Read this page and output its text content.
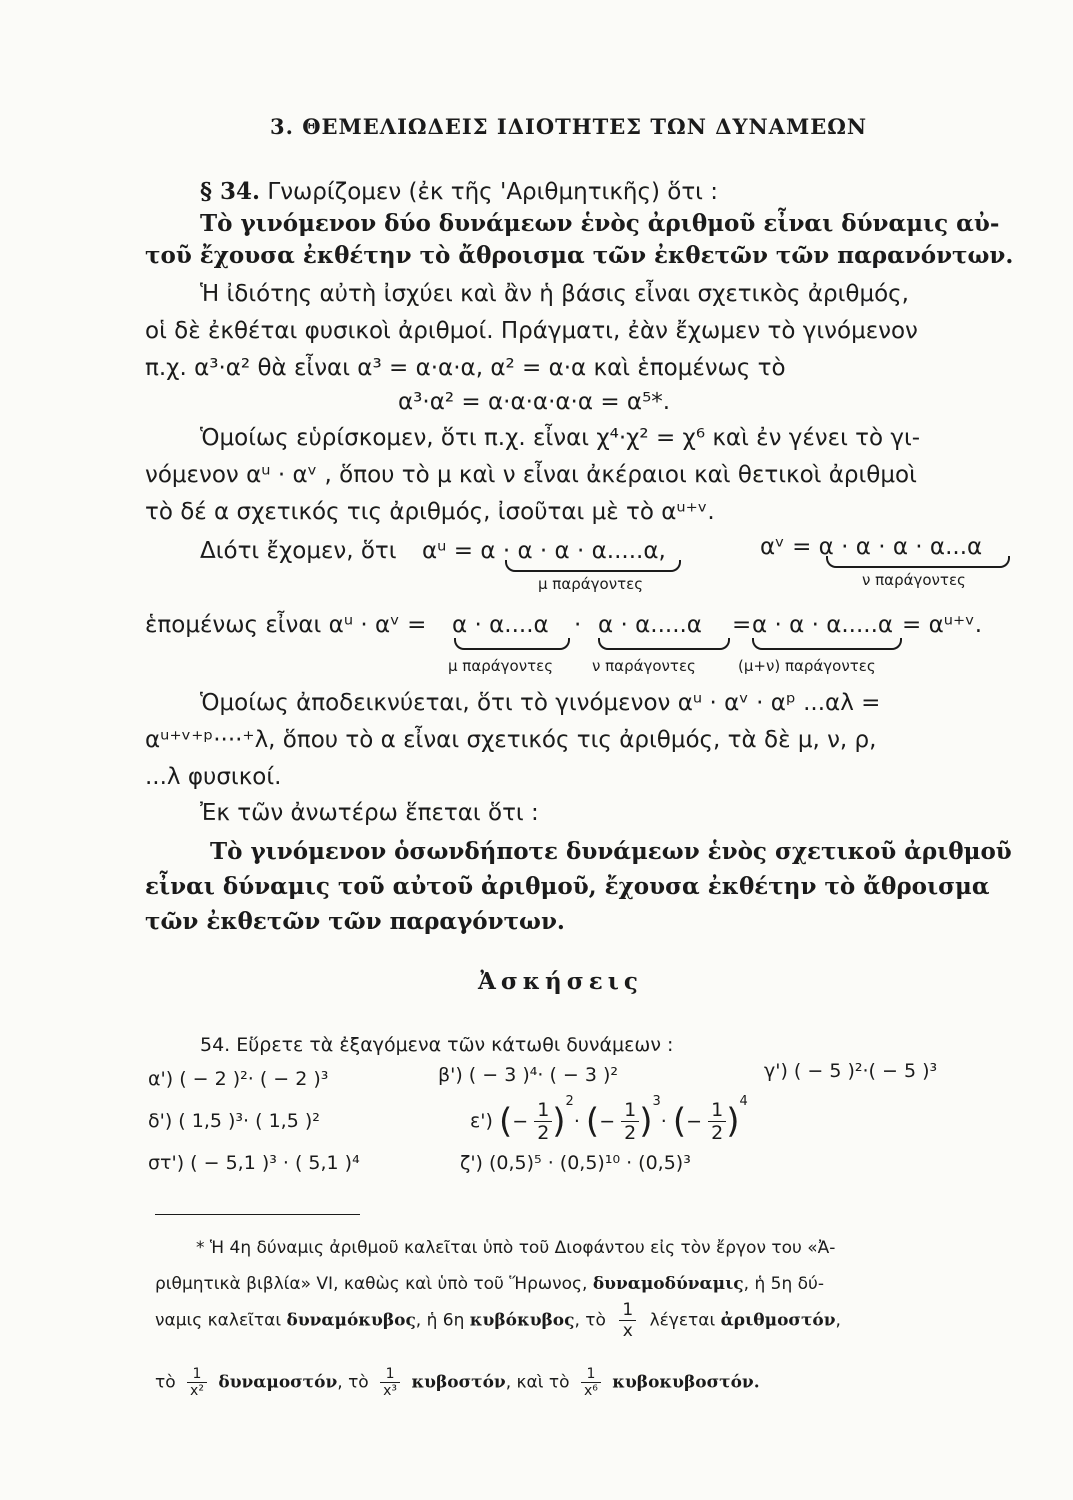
3. ΘΕΜΕΛΙΩΔΕΙΣ ΙΔΙΟΤΗΤΕΣ ΤΩΝ ΔΥΝΑΜΕΩΝ
§ 34. Γνωρίζομεν (ἐκ τῆς 'Αριθμητικῆς) ὅτι :
Τὸ γινόμενον δύο δυνάμεων ἑνὸς ἀριθμοῦ εἶναι δύναμις αὐ-
τοῦ ἔχουσα ἐκθέτην τὸ ἄθροισμα τῶν ἐκθετῶν τῶν παρανόντων.
Ἡ ἰδιότης αὐτὴ ἰσχύει καὶ ἂν ἡ βάσις εἶναι σχετικὸς ἀριθμός,
οἱ δὲ ἐκθέται φυσικοὶ ἀριθμοί. Πράγματι, ἐὰν ἔχωμεν τὸ γινόμενον
π.χ. α³·α² θὰ εἶναι α³ = α·α·α, α² = α·α καὶ ἑπομένως τὸ
α³·α² = α·α·α·α·α = α⁵*.
Ὁμοίως εὑρίσκομεν, ὅτι π.χ. εἶναι χ⁴·χ² = χ⁶ καὶ ἐν γένει τὸ γι-
νόμενον αᵘ · αᵛ , ὅπου τὸ μ καὶ ν εἶναι ἀκέραιοι καὶ θετικοὶ ἀριθμοὶ
τὸ δέ α σχετικός τις ἀριθμός, ἰσοῦται μὲ τὸ αᵘ⁺ᵛ.
Διότι ἔχομεν, ὅτι αᵘ = α · α · α · α.....α,	αᵛ = α · α · α · α...α
μ παράγοντες	ν παράγοντες
ἑπομένως εἶναι αᵘ · αᵛ = α · α....α · α · α.....α = α · α · α.....α = αᵘ⁺ᵛ.
μ παράγοντες	ν παράγοντες	(μ+ν) παράγοντες
Ὁμοίως ἀποδεικνύεται, ὅτι τὸ γινόμενον αᵘ · αᵛ · αᵖ ...αλ =
αᵘ⁺ᵛ⁺ᵖ····⁺λ, ὅπου τὸ α εἶναι σχετικός τις ἀριθμός, τὰ δὲ μ, ν, ρ,
...λ φυσικοί.
Ἐκ τῶν ἀνωτέρω ἕπεται ὅτι :
Τὸ γινόμενον ὁσωνδήποτε δυνάμεων ἑνὸς σχετικοῦ ἀριθμοῦ
εἶναι δύναμις τοῦ αὐτοῦ ἀριθμοῦ, ἔχουσα ἐκθέτην τὸ ἄθροισμα
τῶν ἐκθετῶν τῶν παραγόντων.
Ἀσκήσεις
54. Εὕρετε τὰ ἐξαγόμενα τῶν κάτωθι δυνάμεων :
α') ( − 2 )²· ( − 2 )³	β') ( − 3 )⁴· ( − 3 )²	γ') ( − 5 )²·( − 5 )³
δ') ( 1,5 )³· ( 1,5 )²	ε') (− $\frac{1}{2} )^2\cdot$ (− $\frac{1}{2} )^3\cdot$ (− $\frac{1}{2} )^4$
στ') ( − 5,1 )³ · ( 5,1 )⁴	ζ') (0,5)⁵ · (0,5)¹⁰ · (0,5)³
* Ἡ 4η δύναμις ἀριθμοῦ καλεῖται ὑπὸ τοῦ Διοφάντου εἰς τὸν ἔργον του «Ἀ-
ριθμητικὰ βιβλία» VI, καθὼς καὶ ὑπὸ τοῦ Ἥρωνος, δυναμοδύναμις, ἡ 5η δύ-
ναμις καλεῖται δυναμόκυβος, ἡ 6η κυβόκυβος, τὸ $\frac{1}{x}$ λέγεται ἀριθμοστόν,
τὸ $\frac{1}{\text{x²}} \delta\upsilon\nu\alpha\mu o\sigma\tau ό\nu$, τὸ $\frac{1}{\text{x³}} \kappa\upsilon\beta o\sigma\tau ό\nu$, καὶ τὸ $\frac{1}{\text{x⁶}} \kappa\upsilon\beta o\kappa\upsilon\beta o\sigma\tau ό\nu$.
